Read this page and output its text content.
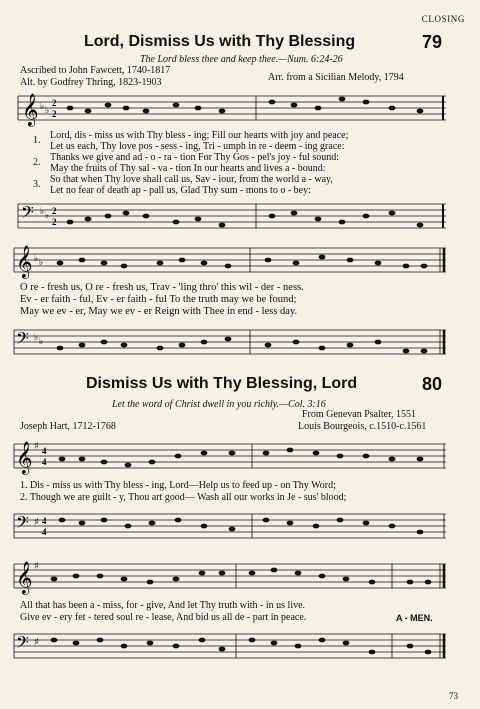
CLOSING
Lord, Dismiss Us with Thy Blessing	79
The Lord bless thee and keep thee.—Num. 6:24-26
Ascribed to John Fawcett, 1740-1817
Alt. by Godfrey Thring, 1823-1903	Arr. from a Sicilian Melody, 1794
𝄞 ♭ ♭
2
2
1.
2.
3.
Lord, dis - miss us with Thy bless - ing; Fill our hearts with joy and peace;
Let us each, Thy love pos - sess - ing, Tri - umph in re - deem - ing grace:
Thanks we give and ad - o - ra - tion For Thy Gos - pel's joy - ful sound:
May the fruits of Thy sal - va - tion In our hearts and lives a - bound:
So that when Thy love shall call us, Sav - iour, from the world a - way,
Let no fear of death ap - pall us, Glad Thy sum - mons to o - bey:
𝄢 ♭ ♭ 2
2
𝄞 ♭ ♭
O re - fresh us, O re - fresh us, Trav - 'ling thro' this wil - der - ness.
Ev - er faith - ful, Ev - er faith - ful To the truth may we be found;
May we ev - er, May we ev - er Reign with Thee in end - less day.
𝄢 ♭ ♭
Dismiss Us with Thy Blessing, Lord	80
Let the word of Christ dwell in you richly.—Col. 3:16
Joseph Hart, 1712-1768
From Genevan Psalter, 1551
Louis Bourgeois, c.1510-c.1561
𝄞 ♯ 4
4
1. Dis - miss us with Thy bless - ing, Lord—Help us to feed up - on Thy Word;
2. Though we are guilt - y, Thou art good— Wash all our works in Je - sus' blood;
𝄢 ♯ 4
4
𝄞 ♯
All that has been a - miss, for - give, And let Thy truth with - in us live.
Give ev - ery fet - tered soul re - lease, And bid us all de - part in peace.	A - MEN.
𝄢 ♯
73
